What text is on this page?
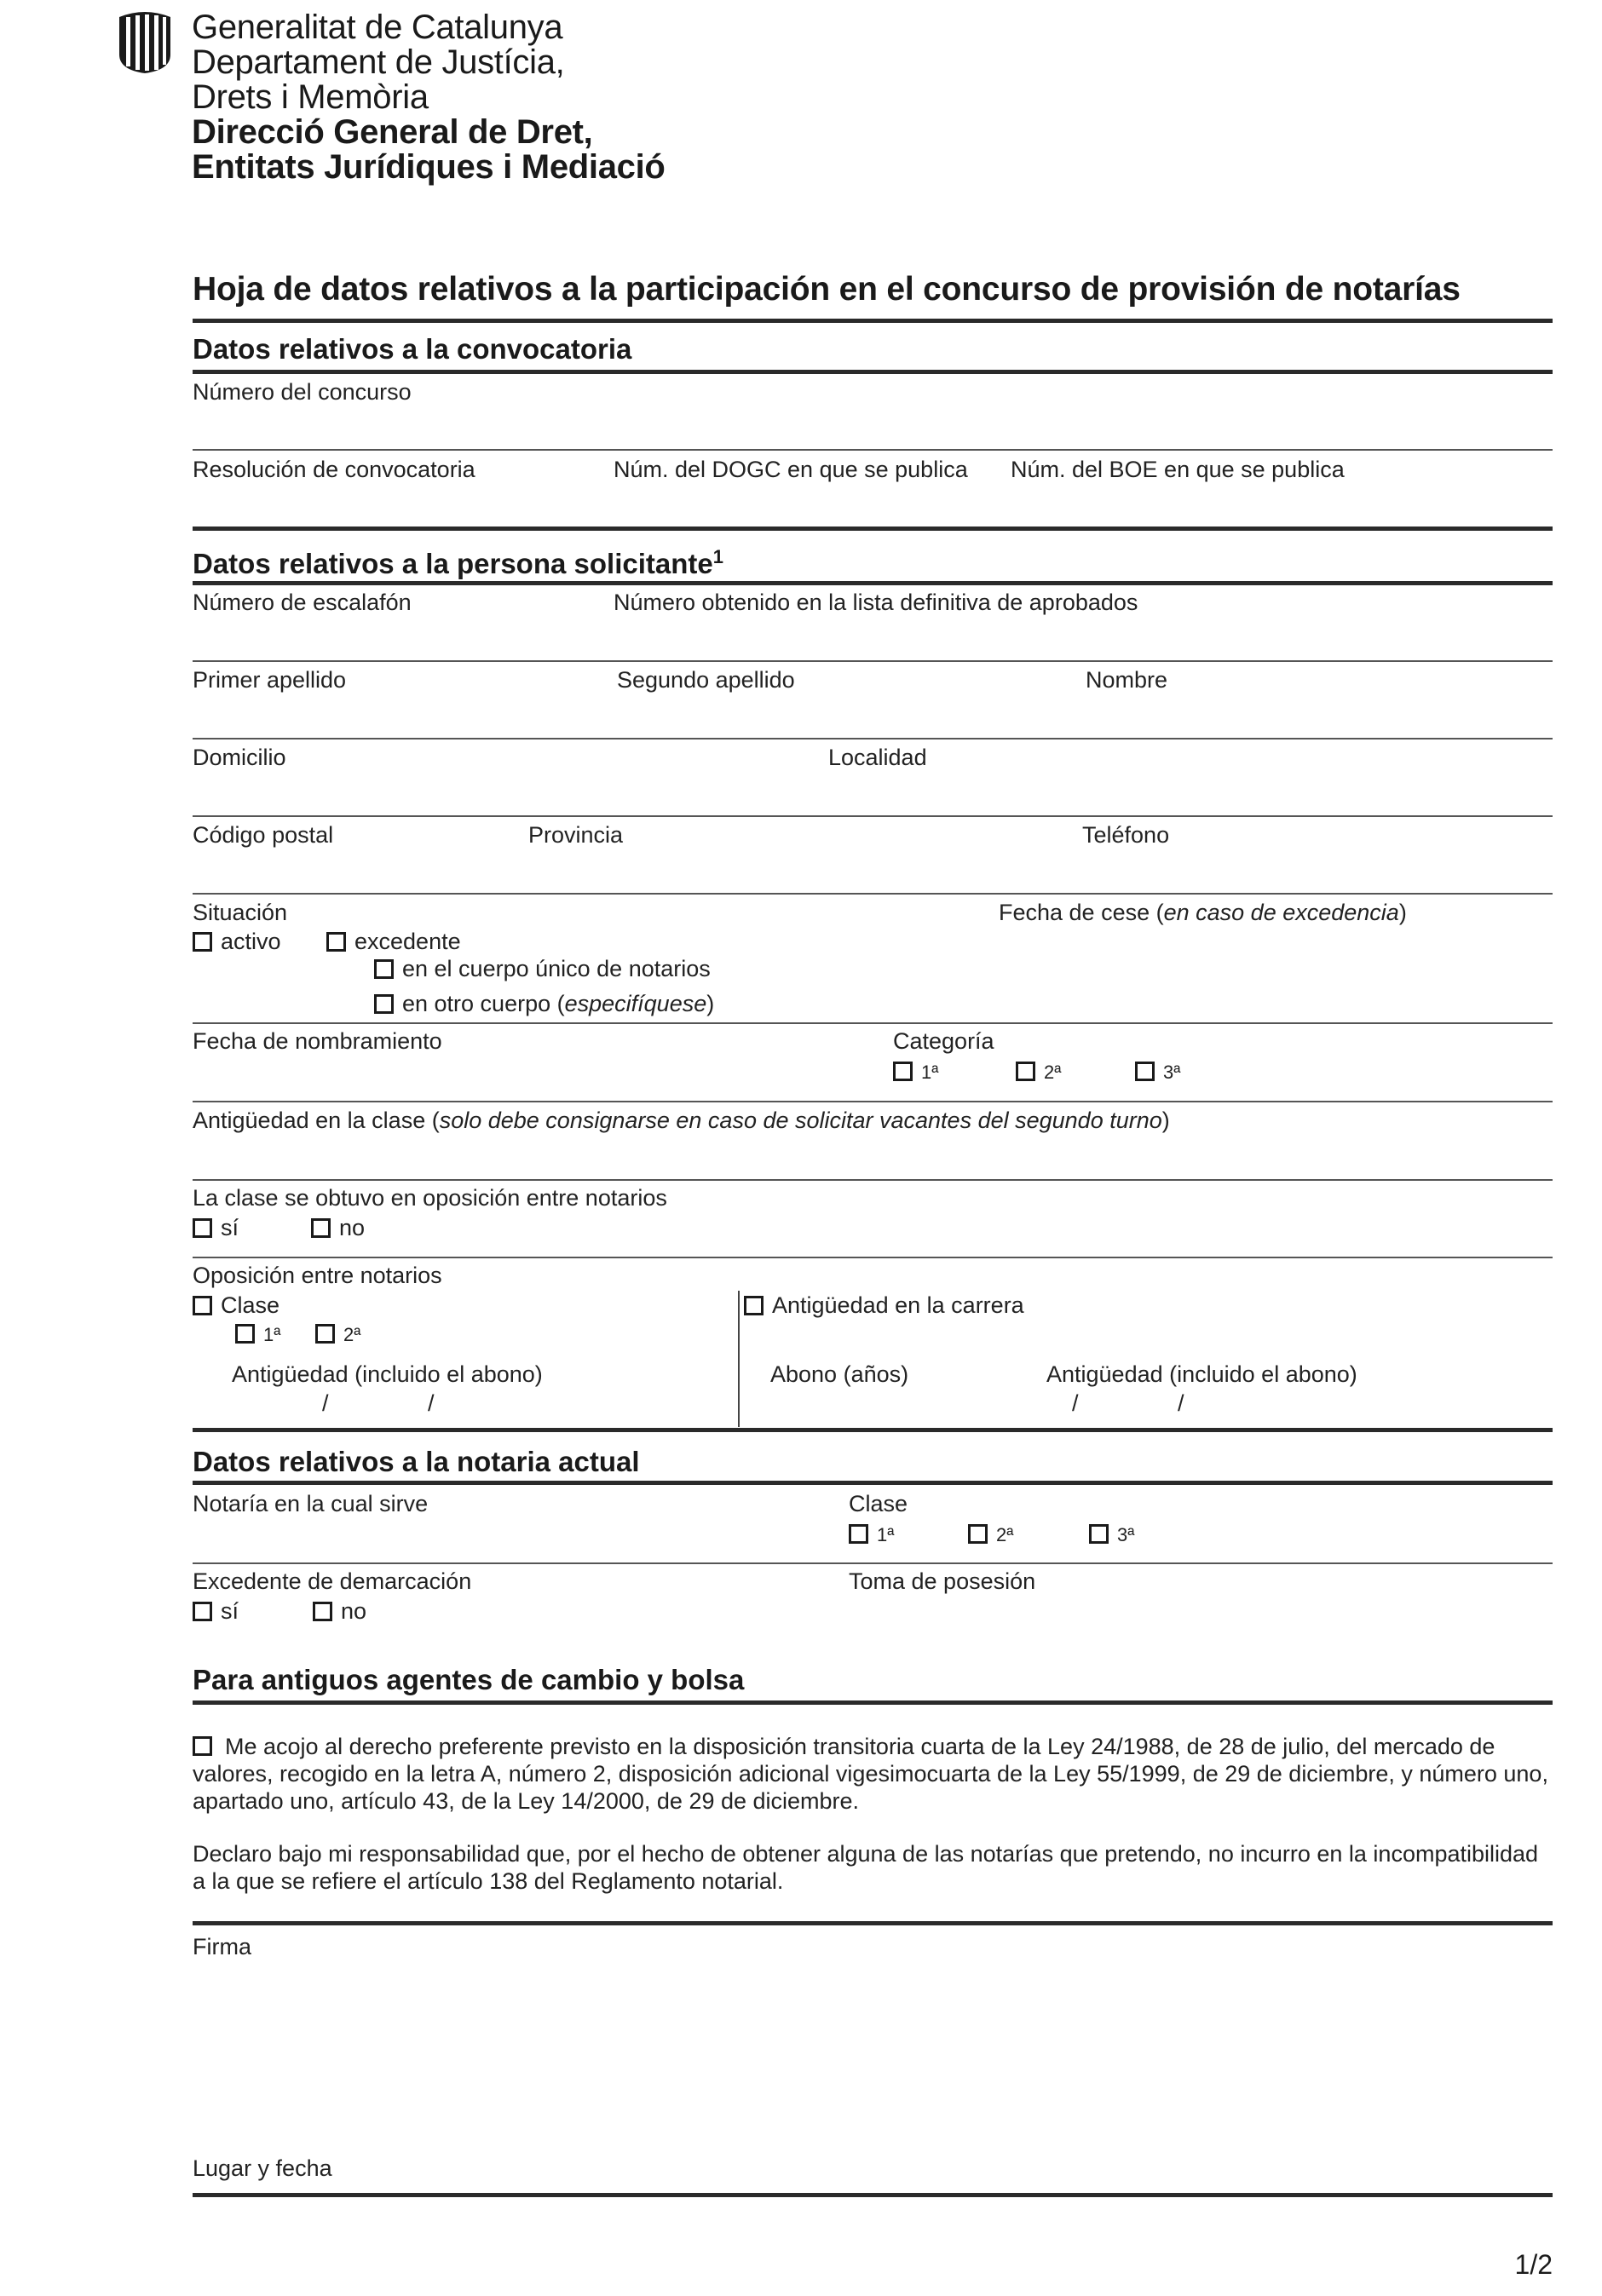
Generalitat de Catalunya
Departament de Justícia,
Drets i Memòria
Direcció General de Dret,
Entitats Jurídiques i Mediació
Hoja de datos relativos a la participación en el concurso de provisión de notarías
Datos relativos a la convocatoria
Número del concurso
Resolución de convocatoria	Núm. del DOGC en que se publica Núm. del BOE en que se publica
Datos relativos a la persona solicitante$^1$
Número de escalafón	Número obtenido en la lista definitiva de aprobados
Primer apellido	Segundo apellido	Nombre
Domicilio	Localidad
Código postal	Provincia	Teléfono
Situación	Fecha de cese (en caso de excedencia)
activo	excedente
en el cuerpo único de notarios
en otro cuerpo (especifíquese)
Fecha de nombramiento	Categoría
1ª	2ª	3ª
Antigüedad en la clase (solo debe consignarse en caso de solicitar vacantes del segundo turno)
La clase se obtuvo en oposición entre notarios
sí	no
Oposición entre notarios
Clase
1ª	2ª
Antigüedad (incluido el abono)
/	/
Antigüedad en la carrera
Abono (años)	Antigüedad (incluido el abono)
/	/
Datos relativos a la notaria actual
Notaría en la cual sirve	Clase
1ª	2ª	3ª
Excedente de demarcación	Toma de posesión
sí	no
Para antiguos agentes de cambio y bolsa
Me acojo al derecho preferente previsto en la disposición transitoria cuarta de la Ley 24/1988, de 28 de julio, del mercado de valores, recogido en la letra A, número 2, disposición adicional vigesimocuarta de la Ley 55/1999, de 29 de diciembre, y número uno, apartado uno, artículo 43, de la Ley 14/2000, de 29 de diciembre.
Declaro bajo mi responsabilidad que, por el hecho de obtener alguna de las notarías que pretendo, no incurro en la incompatibilidad a la que se refiere el artículo 138 del Reglamento notarial.
Firma
Lugar y fecha
1/2
